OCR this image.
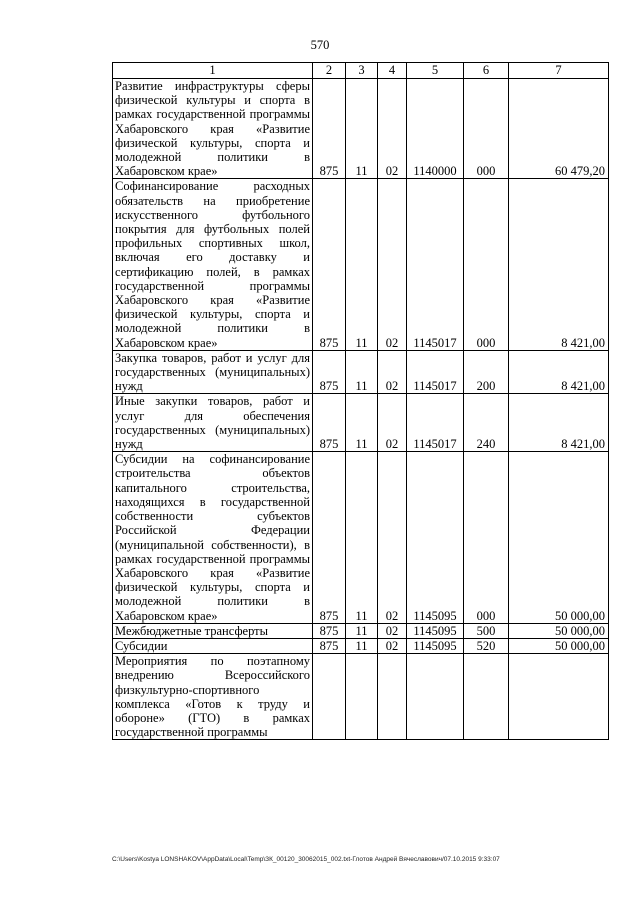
570
1	2	3	4	5	6	7
Развитие инфраструктуры сферы физической культуры и спорта в рамках государственной программы Хабаровского края «Развитие физической культуры, спорта и молодежной политики в Хабаровском крае»	875	11	02	1140000	000	60 479,20
Софинансирование расходных обязательств на приобретение искусственного футбольного покрытия для футбольных полей профильных спортивных школ, включая его доставку и сертификацию полей, в рамках государственной программы Хабаровского края «Развитие физической культуры, спорта и молодежной политики в Хабаровском крае»	875	11	02	1145017	000	8 421,00
Закупка товаров, работ и услуг для государственных (муниципальных) нужд	875	11	02	1145017	200	8 421,00
Иные закупки товаров, работ и услуг для обеспечения государственных (муниципальных) нужд	875	11	02	1145017	240	8 421,00
Субсидии на софинансирование строительства объектов капитального строительства, находящихся в государственной собственности субъектов Российской Федерации (муниципальной собственности), в рамках государственной программы Хабаровского края «Развитие физической культуры, спорта и молодежной политики в Хабаровском крае»	875	11	02	1145095	000	50 000,00
Межбюджетные трансферты	875	11	02	1145095	500	50 000,00
Субсидии	875	11	02	1145095	520	50 000,00
Мероприятия по поэтапному внедрению Всероссийского физкультурно-спортивного комплекса «Готов к труду и обороне» (ГТО) в рамках государственной программы						
C:\Users\Kostya LONSHAKOV\AppData\Local\Temp\ЗК_00120_30062015_002.txt-Глотов Андрей Вячеславович/07.10.2015 9:33:07
